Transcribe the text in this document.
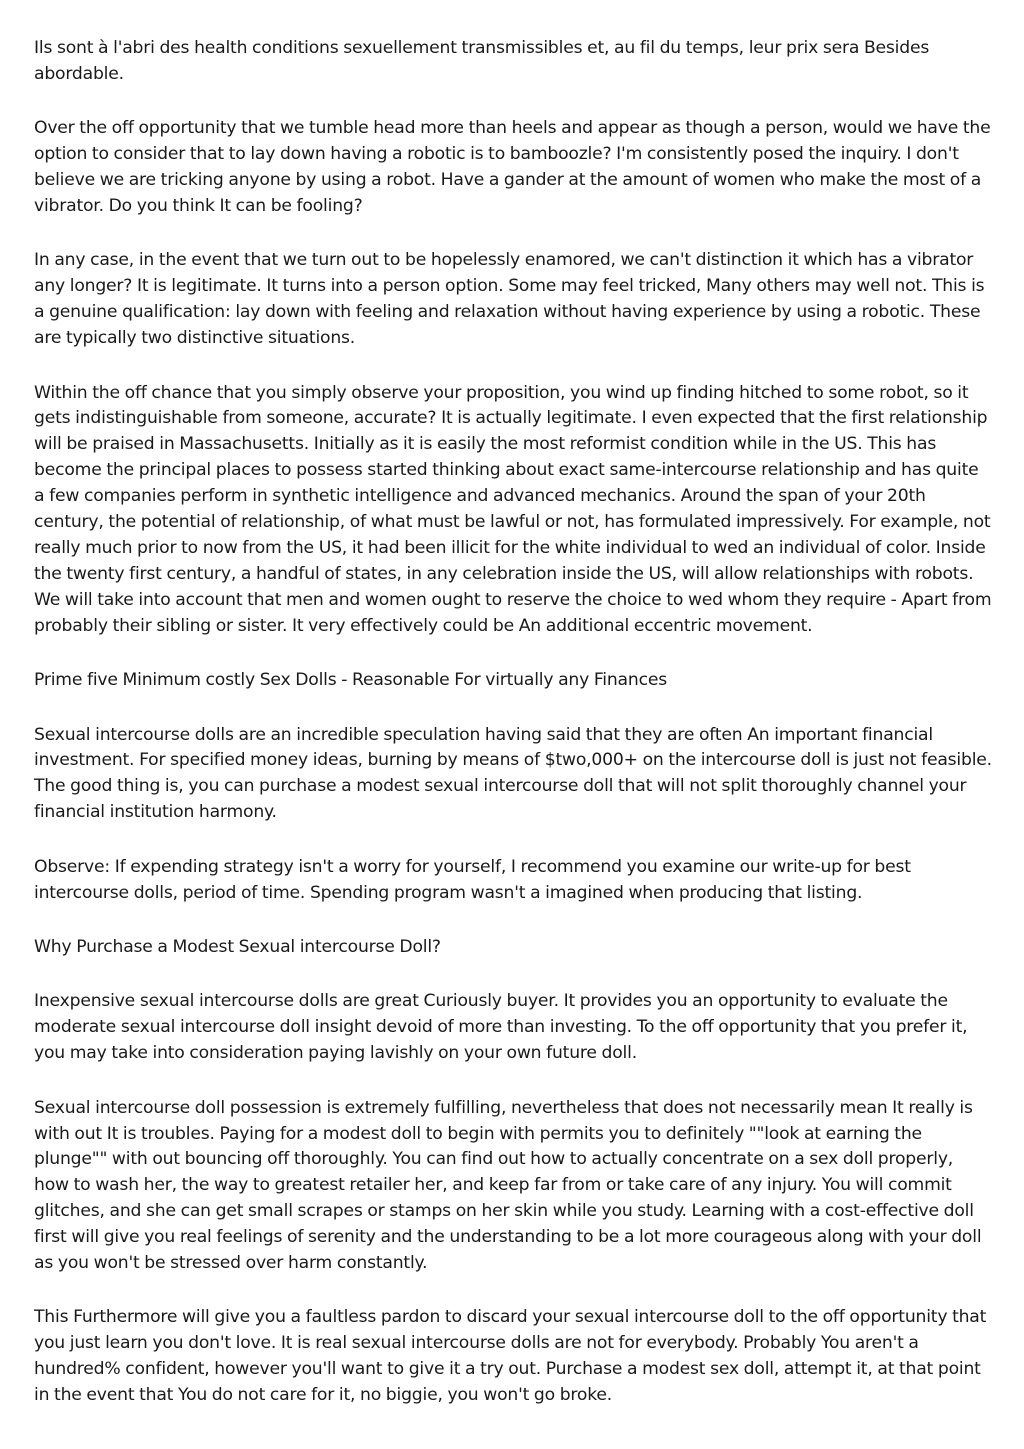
Ils sont à l'abri des health conditions sexuellement transmissibles et, au fil du temps, leur prix sera Besides abordable.

Over the off opportunity that we tumble head more than heels and appear as though a person, would we have the option to consider that to lay down having a robotic is to bamboozle? I'm consistently posed the inquiry. I don't believe we are tricking anyone by using a robot. Have a gander at the amount of women who make the most of a vibrator. Do you think It can be fooling?

In any case, in the event that we turn out to be hopelessly enamored, we can't distinction it which has a vibrator any longer? It is legitimate. It turns into a person option. Some may feel tricked, Many others may well not. This is a genuine qualification: lay down with feeling and relaxation without having experience by using a robotic. These are typically two distinctive situations.

Within the off chance that you simply observe your proposition, you wind up finding hitched to some robot, so it gets indistinguishable from someone, accurate? It is actually legitimate. I even expected that the first relationship will be praised in Massachusetts. Initially as it is easily the most reformist condition while in the US. This has become the principal places to possess started thinking about exact same-intercourse relationship and has quite a few companies perform in synthetic intelligence and advanced mechanics. Around the span of your 20th century, the potential of relationship, of what must be lawful or not, has formulated impressively. For example, not really much prior to now from the US, it had been illicit for the white individual to wed an individual of color. Inside the twenty first century, a handful of states, in any celebration inside the US, will allow relationships with robots. We will take into account that men and women ought to reserve the choice to wed whom they require - Apart from probably their sibling or sister. It very effectively could be An additional eccentric movement.

Prime five Minimum costly Sex Dolls - Reasonable For virtually any Finances

Sexual intercourse dolls are an incredible speculation having said that they are often An important financial investment. For specified money ideas, burning by means of $two,000+ on the intercourse doll is just not feasible. The good thing is, you can purchase a modest sexual intercourse doll that will not split thoroughly channel your financial institution harmony.

Observe: If expending strategy isn't a worry for yourself, I recommend you examine our write-up for best intercourse dolls, period of time. Spending program wasn't a imagined when producing that listing.

Why Purchase a Modest Sexual intercourse Doll?

Inexpensive sexual intercourse dolls are great Curiously buyer. It provides you an opportunity to evaluate the moderate sexual intercourse doll insight devoid of more than investing. To the off opportunity that you prefer it, you may take into consideration paying lavishly on your own future doll.

Sexual intercourse doll possession is extremely fulfilling, nevertheless that does not necessarily mean It really is with out It is troubles. Paying for a modest doll to begin with permits you to definitely ""look at earning the plunge"" with out bouncing off thoroughly. You can find out how to actually concentrate on a sex doll properly, how to wash her, the way to greatest retailer her, and keep far from or take care of any injury. You will commit glitches, and she can get small scrapes or stamps on her skin while you study. Learning with a cost-effective doll first will give you real feelings of serenity and the understanding to be a lot more courageous along with your doll as you won't be stressed over harm constantly.

This Furthermore will give you a faultless pardon to discard your sexual intercourse doll to the off opportunity that you just learn you don't love. It is real sexual intercourse dolls are not for everybody. Probably You aren't a hundred% confident, however you'll want to give it a try out. Purchase a modest sex doll, attempt it, at that point in the event that You do not care for it, no biggie, you won't go broke.
